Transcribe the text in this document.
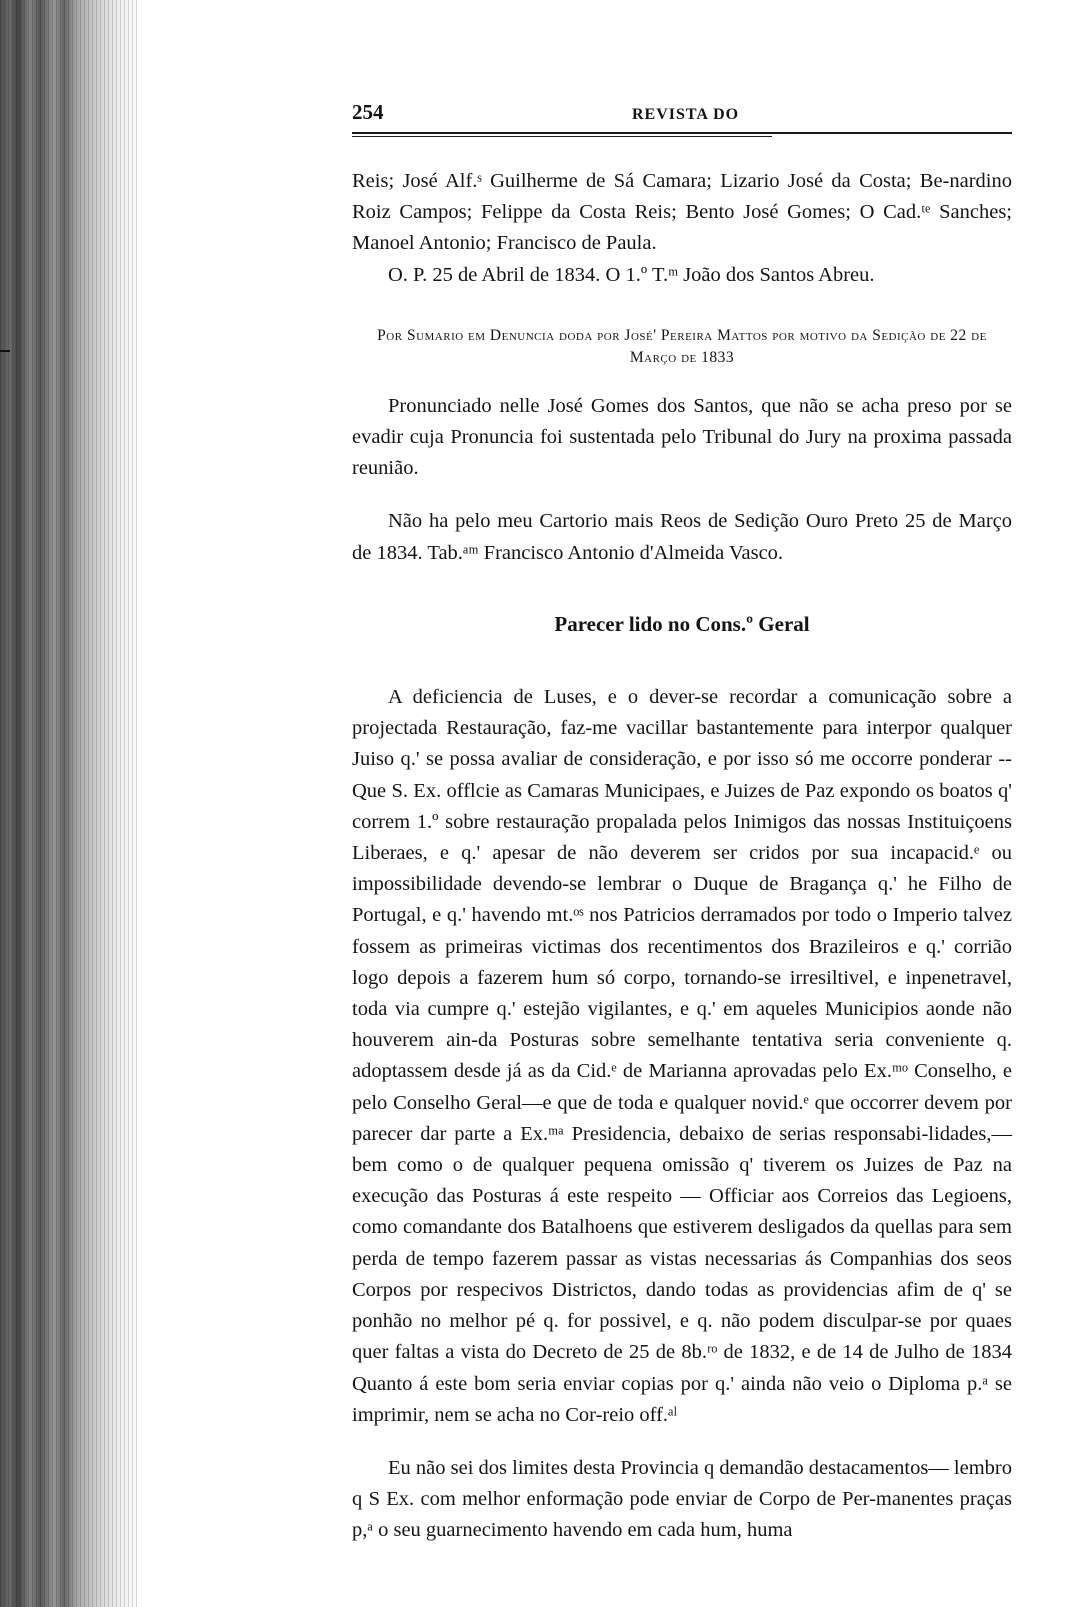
254	REVISTA DO

Reis; José Alf.ˢ Guilherme de Sá Camara; Lizario José da Costa; Be-nardino Roiz Campos; Felippe da Costa Reis; Bento José Gomes; O Cad.ᵗᵉ Sanches; Manoel Antonio; Francisco de Paula.

O. P. 25 de Abril de 1834. O 1.º T.ᵐ João dos Santos Abreu.

Por Sumario em Denuncia doda por José' Pereira Mattos por motivo da Sedição de 22 de Março de 1833

Pronunciado nelle José Gomes dos Santos, que não se acha preso por se evadir cuja Pronuncia foi sustentada pelo Tribunal do Jury na proxima passada reunião.

Não ha pelo meu Cartorio mais Reos de Sedição Ouro Preto 25 de Março de 1834. Tab.ᵃᵐ Francisco Antonio d'Almeida Vasco.

Parecer lido no Cons.º Geral

A deficiencia de Luses, e o dever-se recordar a comunicação sobre a projectada Restauração, faz-me vacillar bastantemente para interpor qualquer Juiso q.' se possa avaliar de consideração, e por isso só me occorre ponderar -- Que S. Ex. offlcie as Camaras Municipaes, e Juizes de Paz expondo os boatos q' correm 1.º sobre restauração propalada pelos Inimigos das nossas Instituiçoens Liberaes, e q.' apesar de não deverem ser cridos por sua incapacid.ᵉ ou impossibilidade devendo-se lembrar o Duque de Bragança q.' he Filho de Portugal, e q.' havendo mt.ᵒˢ nos Patricios derramados por todo o Imperio talvez fossem as primeiras victimas dos recentimentos dos Brazileiros e q.' corrião logo depois a fazerem hum só corpo, tornando-se irresiltivel, e inpenetravel, toda via cumpre q.' estejão vigilantes, e q.' em aqueles Municipios aonde não houverem ain-da Posturas sobre semelhante tentativa seria conveniente q. adoptassem desde já as da Cid.ᵉ de Marianna aprovadas pelo Ex.ᵐᵒ Conselho, e pelo Conselho Geral—e que de toda e qualquer novid.ᵉ que occorrer devem por parecer dar parte a Ex.ᵐᵃ Presidencia, debaixo de serias responsabi-lidades,—bem como o de qualquer pequena omissão q' tiverem os Juizes de Paz na execução das Posturas á este respeito — Officiar aos Correios das Legioens, como comandante dos Batalhoens que estiverem desligados da quellas para sem perda de tempo fazerem passar as vistas necessarias ás Companhias dos seos Corpos por respecivos Districtos, dando todas as providencias afim de q' se ponhão no melhor pé q. for possivel, e q. não podem disculpar-se por quaes quer faltas a vista do Decreto de 25 de 8b.ʳᵒ de 1832, e de 14 de Julho de 1834 Quanto á este bom seria enviar copias por q.' ainda não veio o Diploma p.ᵃ se imprimir, nem se acha no Cor-reio off.ᵃˡ

Eu não sei dos limites desta Provincia q demandão destacamentos— lembro q S Ex. com melhor enformação pode enviar de Corpo de Per-manentes praças p,ᵃ o seu guarnecimento havendo em cada hum, huma
